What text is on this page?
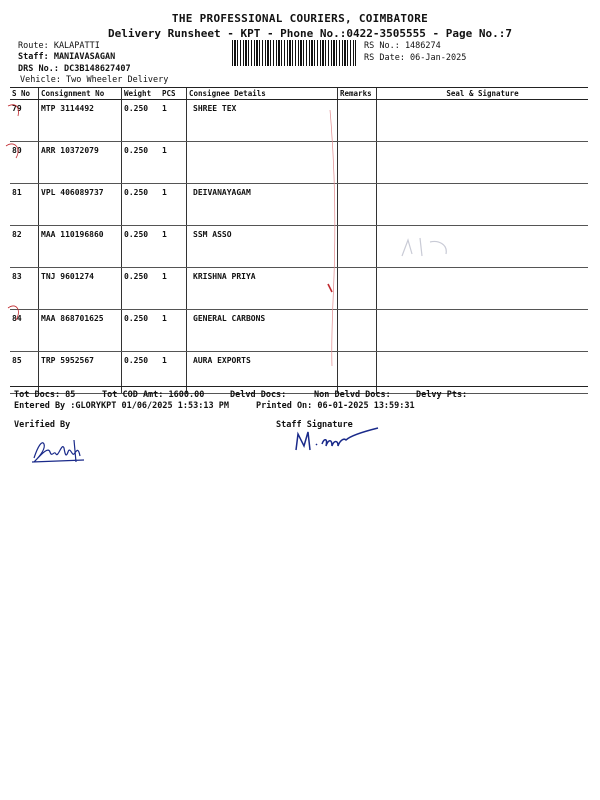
THE PROFESSIONAL COURIERS, COIMBATORE
Delivery Runsheet - KPT - Phone No.:0422-3505555 - Page No.:7
Route: KALAPATTI
Staff: MANIAVASAGAN
DRS No.: DC3B148627407
Vehicle: Two Wheeler Delivery
RS No.: 1486274
RS Date: 06-Jan-2025
S No	Consignment No	Weight	PCS	Consignee Details	Remarks	Seal & Signature
79	MTP 3114492	0.250	1	SHREE TEX		
80	ARR 10372079	0.250	1			
81	VPL 406089737	0.250	1	DEIVANAYAGAM		
82	MAA 110196860	0.250	1	SSM ASSO		
83	TNJ 9601274	0.250	1	KRISHNA PRIYA		
84	MAA 868701625	0.250	1	GENERAL CARBONS		
85	TRP 5952567	0.250	1	AURA EXPORTS		
Tot Docs: 85	Tot COD Amt: 1600.00	Delvd Docs:	Non Delvd Docs:	Delvy Pts:
Entered By :GLORYKPT 01/06/2025 1:53:13 PM	Printed On: 06-01-2025 13:59:31
Verified By	Staff Signature
